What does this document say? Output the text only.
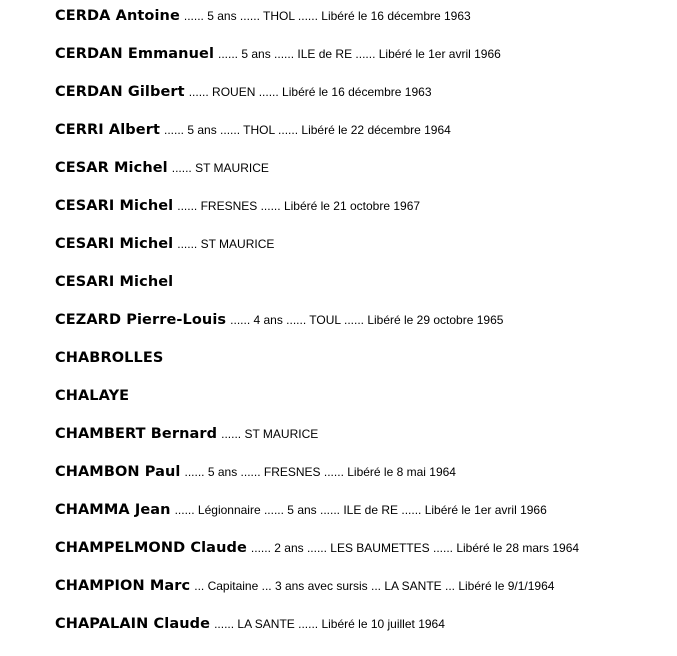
CERDA Antoine ...... 5 ans ...... THOL ...... Libéré le 16 décembre 1963
CERDAN Emmanuel ...... 5 ans ...... ILE de RE ...... Libéré le 1er avril 1966
CERDAN Gilbert ...... ROUEN ...... Libéré le 16 décembre 1963
CERRI Albert ...... 5 ans ...... THOL ...... Libéré le 22 décembre 1964
CESAR Michel ...... ST MAURICE
CESARI Michel ...... FRESNES ...... Libéré le 21 octobre 1967
CESARI Michel ...... ST MAURICE
CESARI Michel
CEZARD Pierre-Louis ...... 4 ans ...... TOUL ...... Libéré le 29 octobre 1965
CHABROLLES
CHALAYE
CHAMBERT Bernard ...... ST MAURICE
CHAMBON Paul ...... 5 ans ...... FRESNES ...... Libéré le 8 mai 1964
CHAMMA Jean ...... Légionnaire ...... 5 ans ...... ILE de RE ...... Libéré le 1er avril 1966
CHAMPELMOND Claude ...... 2 ans ...... LES BAUMETTES ...... Libéré le 28 mars 1964
CHAMPION Marc ... Capitaine ... 3 ans avec sursis ... LA SANTE ... Libéré le 9/1/1964
CHAPALAIN Claude ...... LA SANTE ...... Libéré le 10 juillet 1964
